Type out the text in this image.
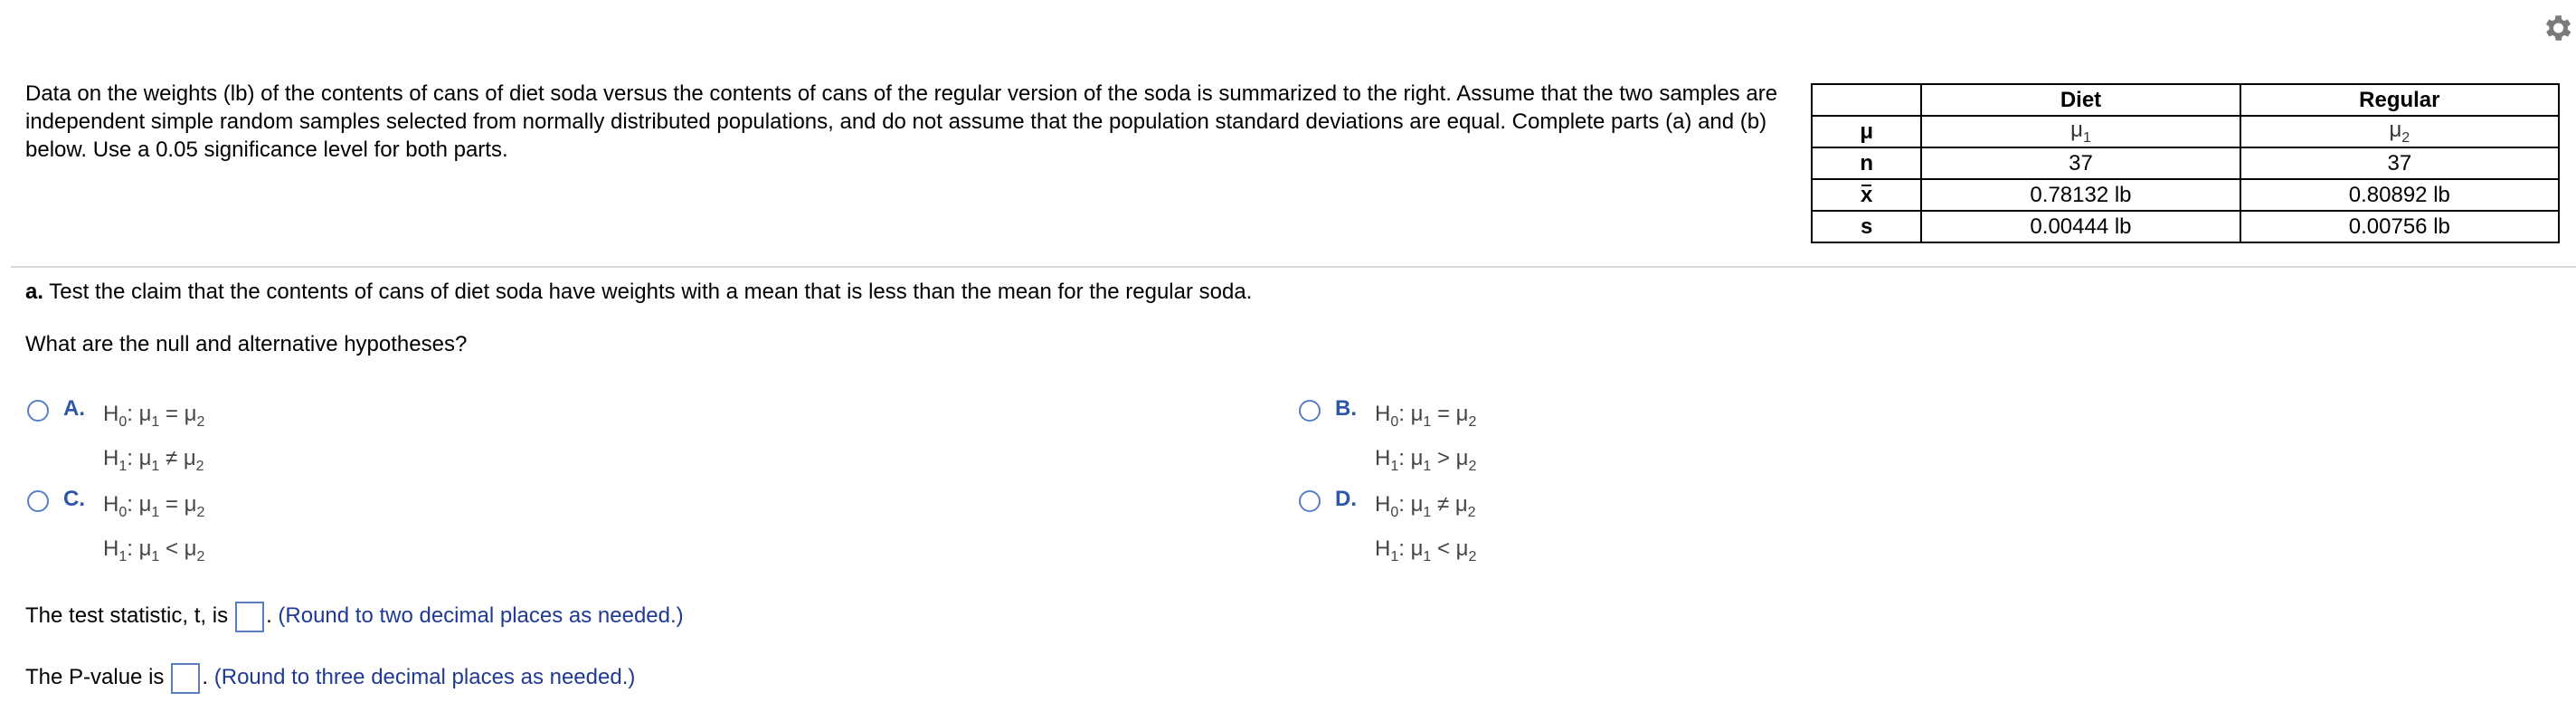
Data on the weights (lb) of the contents of cans of diet soda versus the contents of cans of the regular version of the soda is summarized to the right. Assume that the two samples are independent simple random samples selected from normally distributed populations, and do not assume that the population standard deviations are equal. Complete parts (a) and (b) below. Use a 0.05 significance level for both parts.

	Diet	Regular
μ	$\mu_1$	$\mu_2$
n	37	37
x	0.78132 lb	0.80892 lb
s	0.00444 lb	0.00756 lb

a. Test the claim that the contents of cans of diet soda have weights with a mean that is less than the mean for the regular soda.

What are the null and alternative hypotheses?

A. $H_0$: $\mu_1 = \mu_2$
$H_1$: $\mu_1 \ne \mu_2$
B. $H_0$: $\mu_1 = \mu_2$
$H_1$: $\mu_1 > \mu_2$
C. $H_0$: $\mu_1 = \mu_2$
$H_1$: $\mu_1 < \mu_2$
D. $H_0$: $\mu_1 \ne \mu_2$
$H_1$: $\mu_1 < \mu_2$

The test statistic, t, is . (Round to two decimal places as needed.)

The P-value is . (Round to three decimal places as needed.)
